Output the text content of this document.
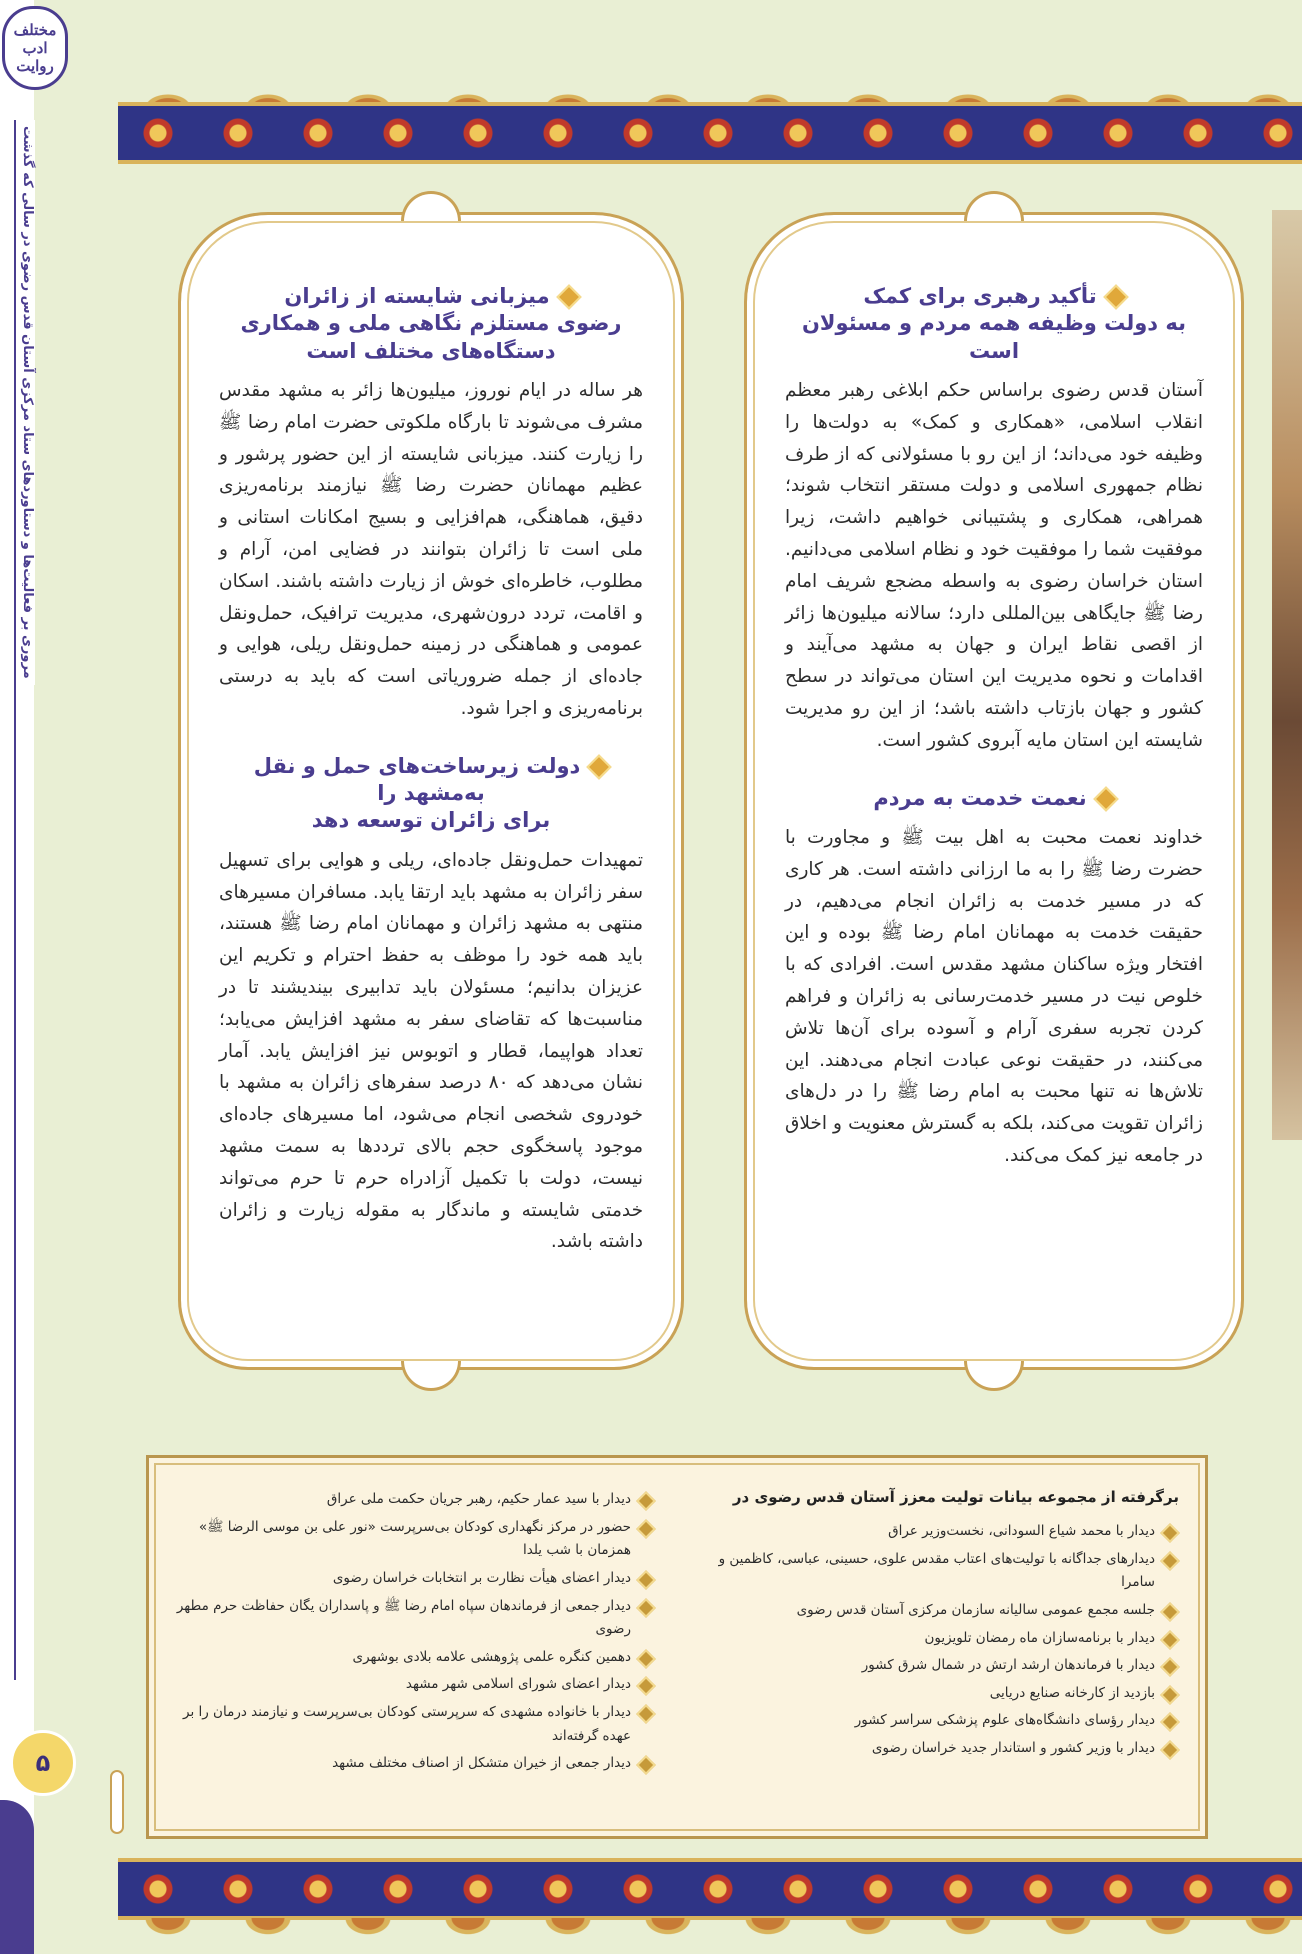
مروری بر فعالیت‌ها و دستاوردهای ستاد مرکزی آستان قدس رضوی در سالی که گذشت
مختلف ادب روایت
۵
تأکید رهبری برای کمک
به دولت وظیفه همه مردم و مسئولان است

آستان قدس رضوی براساس حکم ابلاغی رهبر معظم انقلاب اسلامی، «همکاری و کمک» به دولت‌ها را وظیفه خود می‌داند؛ از این رو با مسئولانی که از طرف نظام جمهوری اسلامی و دولت مستقر انتخاب شوند؛ همراهی، همکاری و پشتیبانی خواهیم داشت، زیرا موفقیت شما را موفقیت خود و نظام اسلامی می‌دانیم. استان خراسان رضوی به واسطه مضجع شریف امام رضا ﷺ جایگاهی بین‌المللی دارد؛ سالانه میلیون‌ها زائر از اقصی نقاط ایران و جهان به مشهد می‌آیند و اقدامات و نحوه مدیریت این استان می‌تواند در سطح کشور و جهان بازتاب داشته باشد؛ از این رو مدیریت شایسته این استان مایه آبروی کشور است.

نعمت خدمت به مردم

خداوند نعمت محبت به اهل بیت ﷺ و مجاورت با حضرت رضا ﷺ را به ما ارزانی داشته است. هر کاری که در مسیر خدمت به زائران انجام می‌دهیم، در حقیقت خدمت به مهمانان امام رضا ﷺ بوده و این افتخار ویژه ساکنان مشهد مقدس است. افرادی که با خلوص نیت در مسیر خدمت‌رسانی به زائران و فراهم کردن تجربه سفری آرام و آسوده برای آن‌ها تلاش می‌کنند، در حقیقت نوعی عبادت انجام می‌دهند. این تلاش‌ها نه تنها محبت به امام رضا ﷺ را در دل‌های زائران تقویت می‌کند، بلکه به گسترش معنویت و اخلاق در جامعه نیز کمک می‌کند.

میزبانی شایسته از زائران
رضوی مستلزم نگاهی ملی و همکاری
دستگاه‌های مختلف است

هر ساله در ایام نوروز، میلیون‌ها زائر به مشهد مقدس مشرف می‌شوند تا بارگاه ملکوتی حضرت امام رضا ﷺ را زیارت کنند. میزبانی شایسته از این حضور پرشور و عظیم مهمانان حضرت رضا ﷺ نیازمند برنامه‌ریزی دقیق، هماهنگی، هم‌افزایی و بسیج امکانات استانی و ملی است تا زائران بتوانند در فضایی امن، آرام و مطلوب، خاطره‌ای خوش از زیارت داشته باشند. اسکان و اقامت، تردد درون‌شهری، مدیریت ترافیک، حمل‌ونقل عمومی و هماهنگی در زمینه حمل‌ونقل ریلی، هوایی و جاده‌ای از جمله ضروریاتی است که باید به درستی برنامه‌ریزی و اجرا شود.

دولت زیرساخت‌های حمل و نقل به‌مشهد را
برای زائران توسعه دهد

تمهیدات حمل‌ونقل جاده‌ای، ریلی و هوایی برای تسهیل سفر زائران به مشهد باید ارتقا یابد. مسافران مسیرهای منتهی به مشهد زائران و مهمانان امام رضا ﷺ هستند، باید همه خود را موظف به حفظ احترام و تکریم این عزیزان بدانیم؛ مسئولان باید تدابیری بیندیشند تا در مناسبت‌ها که تقاضای سفر به مشهد افزایش می‌یابد؛ تعداد هواپیما، قطار و اتوبوس نیز افزایش یابد. آمار نشان می‌دهد که ۸۰ درصد سفرهای زائران به مشهد با خودروی شخصی انجام می‌شود، اما مسیرهای جاده‌ای موجود پاسخگوی حجم بالای ترددها به سمت مشهد نیست، دولت با تکمیل آزادراه حرم تا حرم می‌تواند خدمتی شایسته و ماندگار به مقوله زیارت و زائران داشته باشد.

برگرفته از مجموعه بیانات تولیت معزز آستان قدس رضوی در
دیدار با محمد شیاع السودانی، نخست‌وزیر عراق
دیدارهای جداگانه با تولیت‌های اعتاب مقدس علوی، حسینی، عباسی، کاظمین و سامرا
جلسه مجمع عمومی سالیانه سازمان مرکزی آستان قدس رضوی
دیدار با برنامه‌سازان ماه رمضان تلویزیون
دیدار با فرماندهان ارشد ارتش در شمال شرق کشور
بازدید از کارخانه صنایع دریایی
دیدار رؤسای دانشگاه‌های علوم پزشکی سراسر کشور
دیدار با وزیر کشور و استاندار جدید خراسان رضوی
دیدار با سید عمار حکیم، رهبر جریان حکمت ملی عراق
حضور در مرکز نگهداری کودکان بی‌سرپرست «نور علی بن موسی الرضا ﷺ» همزمان با شب یلدا
دیدار اعضای هیأت نظارت بر انتخابات خراسان رضوی
دیدار جمعی از فرماندهان سپاه امام رضا ﷺ و پاسداران یگان حفاظت حرم مطهر رضوی
دهمین کنگره علمی پژوهشی علامه بلادی بوشهری
دیدار اعضای شورای اسلامی شهر مشهد
دیدار با خانواده مشهدی که سرپرستی کودکان بی‌سرپرست و نیازمند درمان را بر عهده گرفته‌اند
دیدار جمعی از خیران متشکل از اصناف مختلف مشهد
